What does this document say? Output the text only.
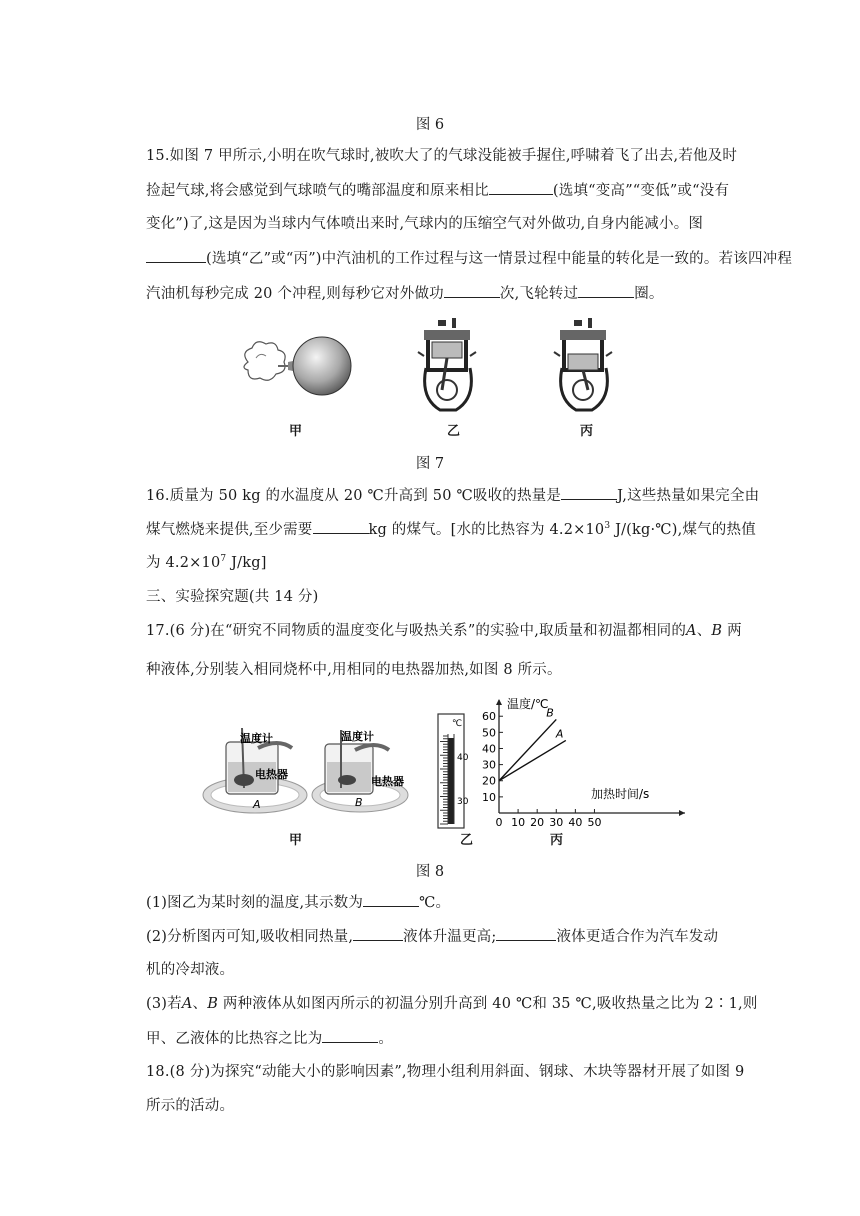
图 6
15.如图 7 甲所示,小明在吹气球时,被吹大了的气球没能被手握住,呼啸着飞了出去,若他及时
捡起气球,将会感觉到气球喷气的嘴部温度和原来相比	(选填“变高”“变低”或“没有
变化”)了,这是因为当球内气体喷出来时,气球内的压缩空气对外做功,自身内能减小。图
(选填“乙”或“丙”)中汽油机的工作过程与这一情景过程中能量的转化是一致的。若该四冲程
汽油机每秒完成 20 个冲程,则每秒它对外做功	次,飞轮转过	圈。
甲	乙	丙
图 7
16.质量为 50 kg 的水温度从 20 ℃升高到 50 ℃吸收的热量是	J,这些热量如果完全由
煤气燃烧来提供,至少需要	kg 的煤气。[水的比热容为 $4.2\times 10^3$ J/(kg·℃),煤气的热值
为 $4.2\times 10^7$ J/kg]
三、实验探究题(共 14 分)
17.(6 分)在“研究不同物质的温度变化与吸热关系”的实验中,取质量和初温都相同的A、B 两
种液体,分别装入相同烧杯中,用相同的电热器加热,如图 8 所示。
温度计
电热器
A
温度计
电热器
B
℃
40
30
B
A
10
20
30
40
50
60
0 10 20 30 40 50
温度/℃
加热时间/s
甲	乙	丙
图 8
(1)图乙为某时刻的温度,其示数为	℃。
(2)分析图丙可知,吸收相同热量,	液体升温更高;	液体更适合作为汽车发动
机的冷却液。
(3)若A、B 两种液体从如图丙所示的初温分别升高到 40 ℃和 35 ℃,吸收热量之比为 2∶1,则
甲、乙液体的比热容之比为	。
18.(8 分)为探究“动能大小的影响因素”,物理小组利用斜面、钢球、木块等器材开展了如图 9
所示的活动。
